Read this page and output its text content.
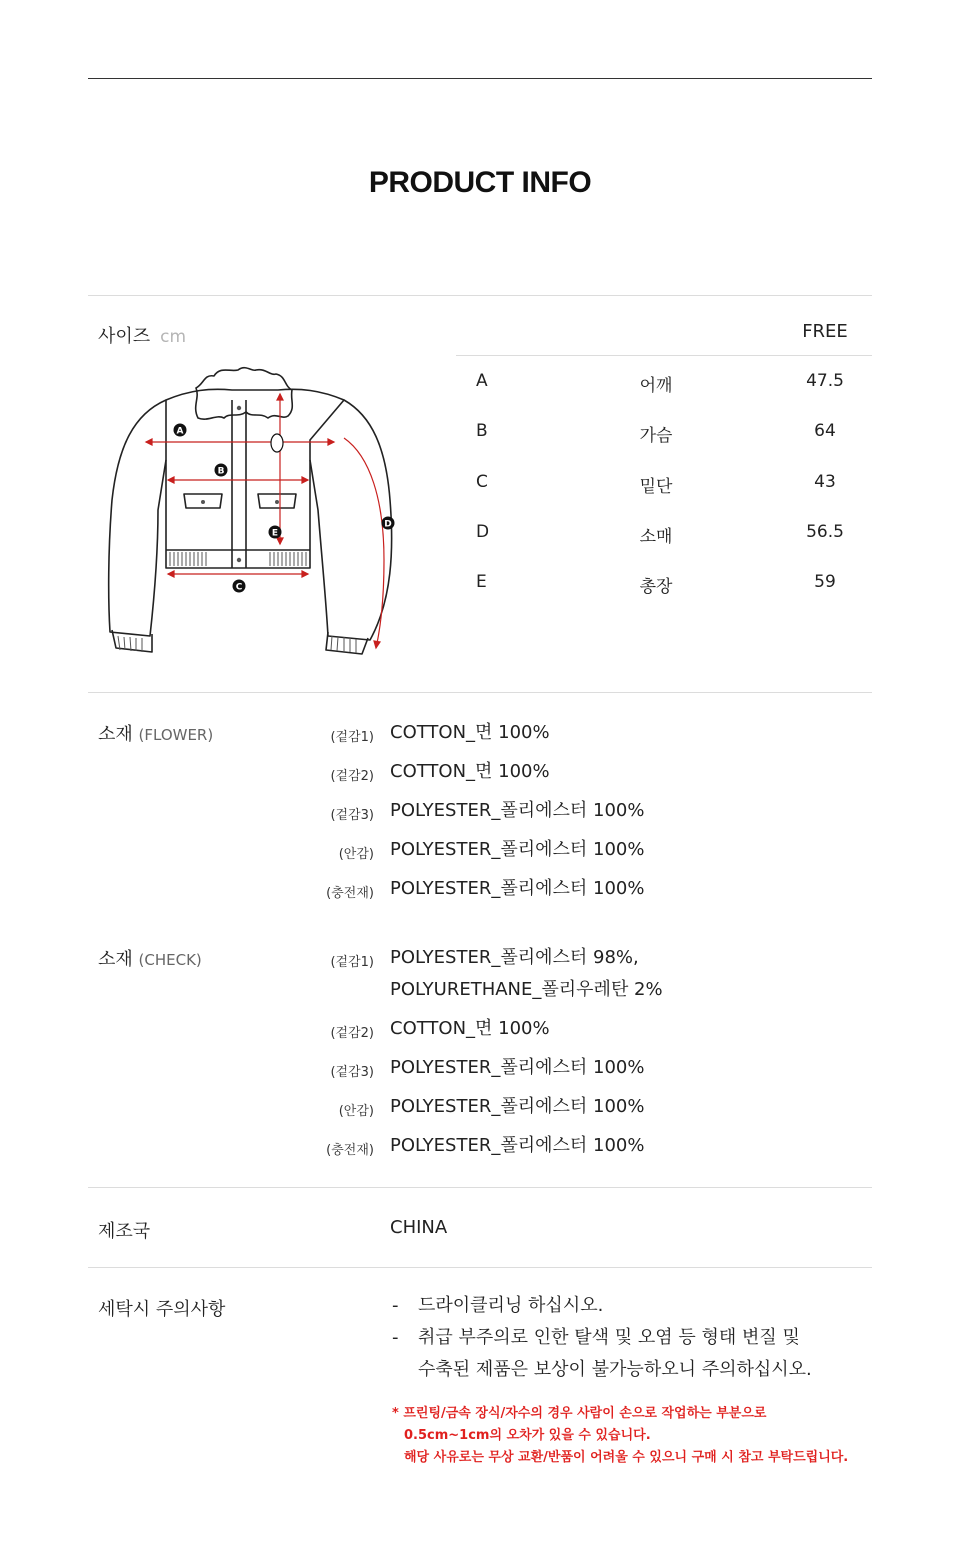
PRODUCT INFO
사이즈 cm	FREE
A	어깨	47.5
B	가슴	64
C	밑단	43
D	소매	56.5
E	총장	59
A
B
C
D
E
소재 (FLOWER)	(겉감1) COTTON_면 100%
(겉감2) COTTON_면 100%
(겉감3) POLYESTER_폴리에스터 100%
(안감) POLYESTER_폴리에스터 100%
(충전재) POLYESTER_폴리에스터 100%
소재 (CHECK)	(겉감1) POLYESTER_폴리에스터 98%,
POLYURETHANE_폴리우레탄 2%
(겉감2) COTTON_면 100%
(겉감3) POLYESTER_폴리에스터 100%
(안감) POLYESTER_폴리에스터 100%
(충전재) POLYESTER_폴리에스터 100%
제조국	CHINA
세탁시 주의사항	- 드라이클리닝 하십시오.
- 취급 부주의로 인한 탈색 및 오염 등 형태 변질 및
수축된 제품은 보상이 불가능하오니 주의하십시오.
* 프린팅/금속 장식/자수의 경우 사람이 손으로 작업하는 부분으로
0.5cm~1cm의 오차가 있을 수 있습니다.
해당 사유로는 무상 교환/반품이 어려울 수 있으니 구매 시 참고 부탁드립니다.
